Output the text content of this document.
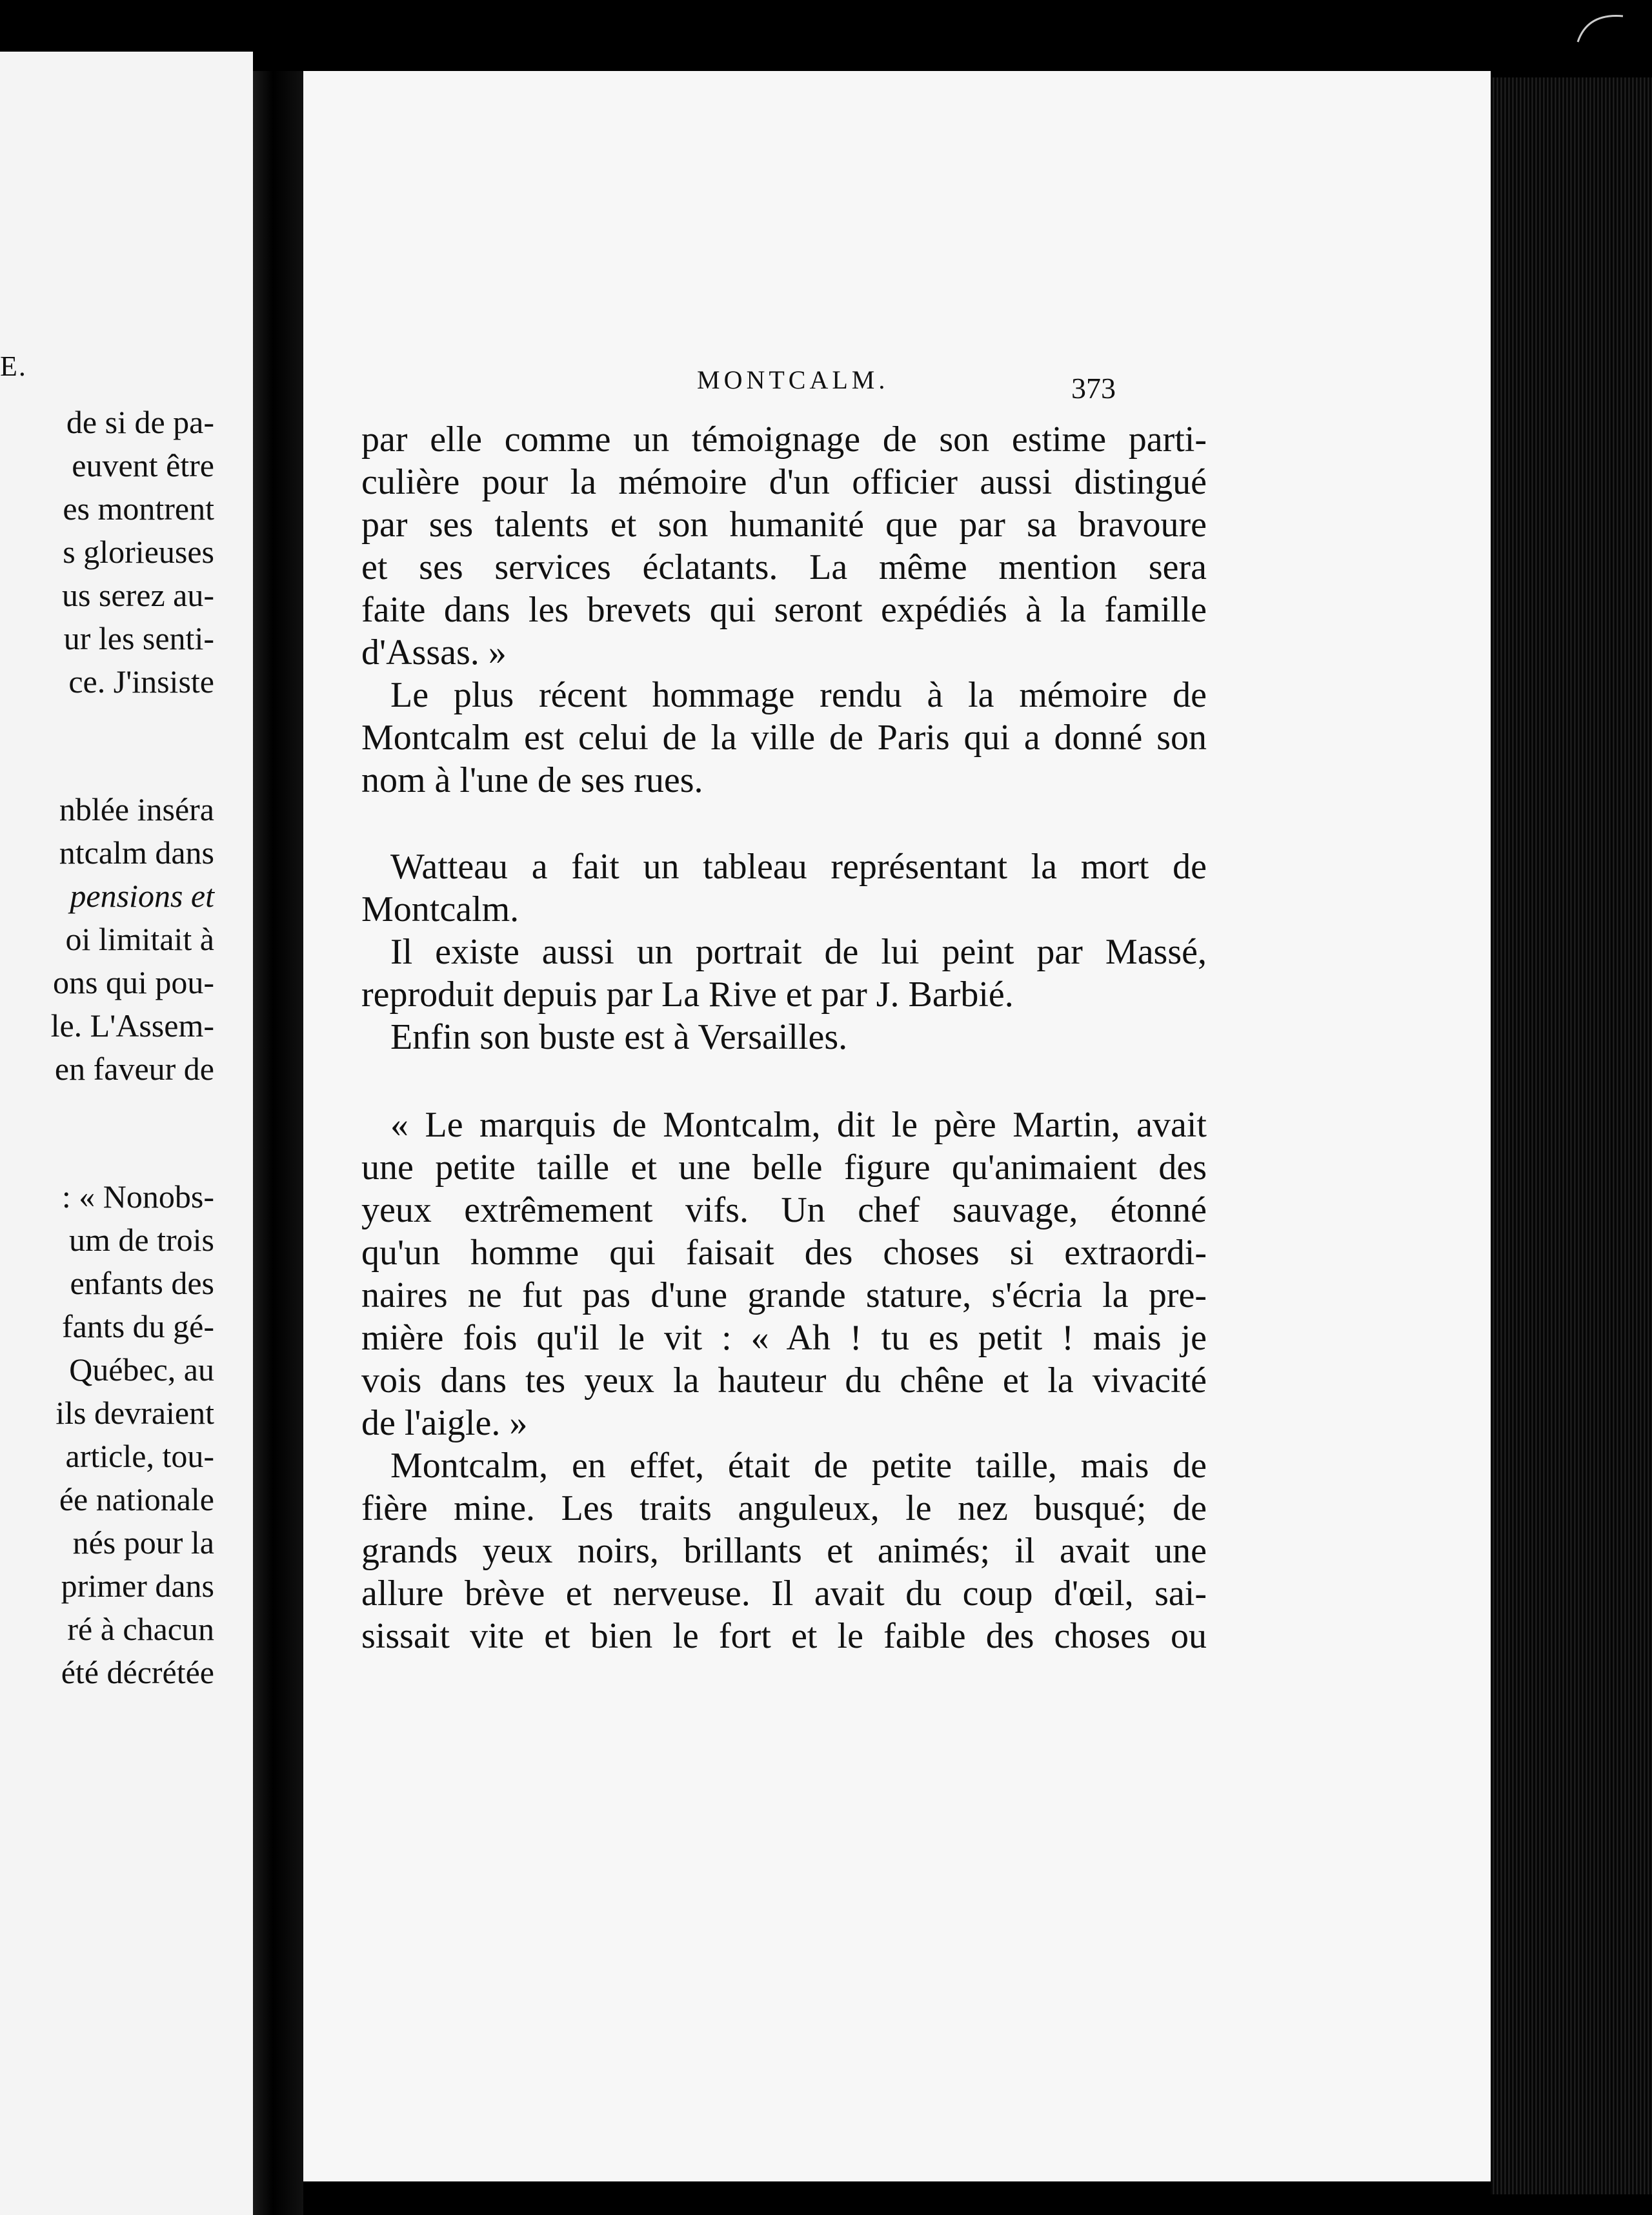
E.
de si de pa-
euvent être
es montrent
s glorieuses
us serez au-
ur les senti-
ce. J'insiste
nblée inséra
ntcalm dans
pensions et
oi limitait à
ons qui pou-
le. L'Assem-
en faveur de
: « Nonobs-
um de trois
enfants des
fants du gé-
Québec, au
ils devraient
article, tou-
ée nationale
nés pour la
primer dans
ré à chacun
été décrétée
MONTCALM.	373
par elle comme un témoignage de son estime parti-
culière pour la mémoire d'un officier aussi distingué
par ses talents et son humanité que par sa bravoure
et ses services éclatants. La même mention sera
faite dans les brevets qui seront expédiés à la famille
d'Assas. »
Le plus récent hommage rendu à la mémoire de
Montcalm est celui de la ville de Paris qui a donné son
nom à l'une de ses rues.
Watteau a fait un tableau représentant la mort de
Montcalm.
Il existe aussi un portrait de lui peint par Massé,
reproduit depuis par La Rive et par J. Barbié.
Enfin son buste est à Versailles.
« Le marquis de Montcalm, dit le père Martin, avait
une petite taille et une belle figure qu'animaient des
yeux extrêmement vifs. Un chef sauvage, étonné
qu'un homme qui faisait des choses si extraordi-
naires ne fut pas d'une grande stature, s'écria la pre-
mière fois qu'il le vit : « Ah ! tu es petit ! mais je
vois dans tes yeux la hauteur du chêne et la vivacité
de l'aigle. »
Montcalm, en effet, était de petite taille, mais de
fière mine. Les traits anguleux, le nez busqué; de
grands yeux noirs, brillants et animés; il avait une
allure brève et nerveuse. Il avait du coup d'œil, sai-
sissait vite et bien le fort et le faible des choses ou
